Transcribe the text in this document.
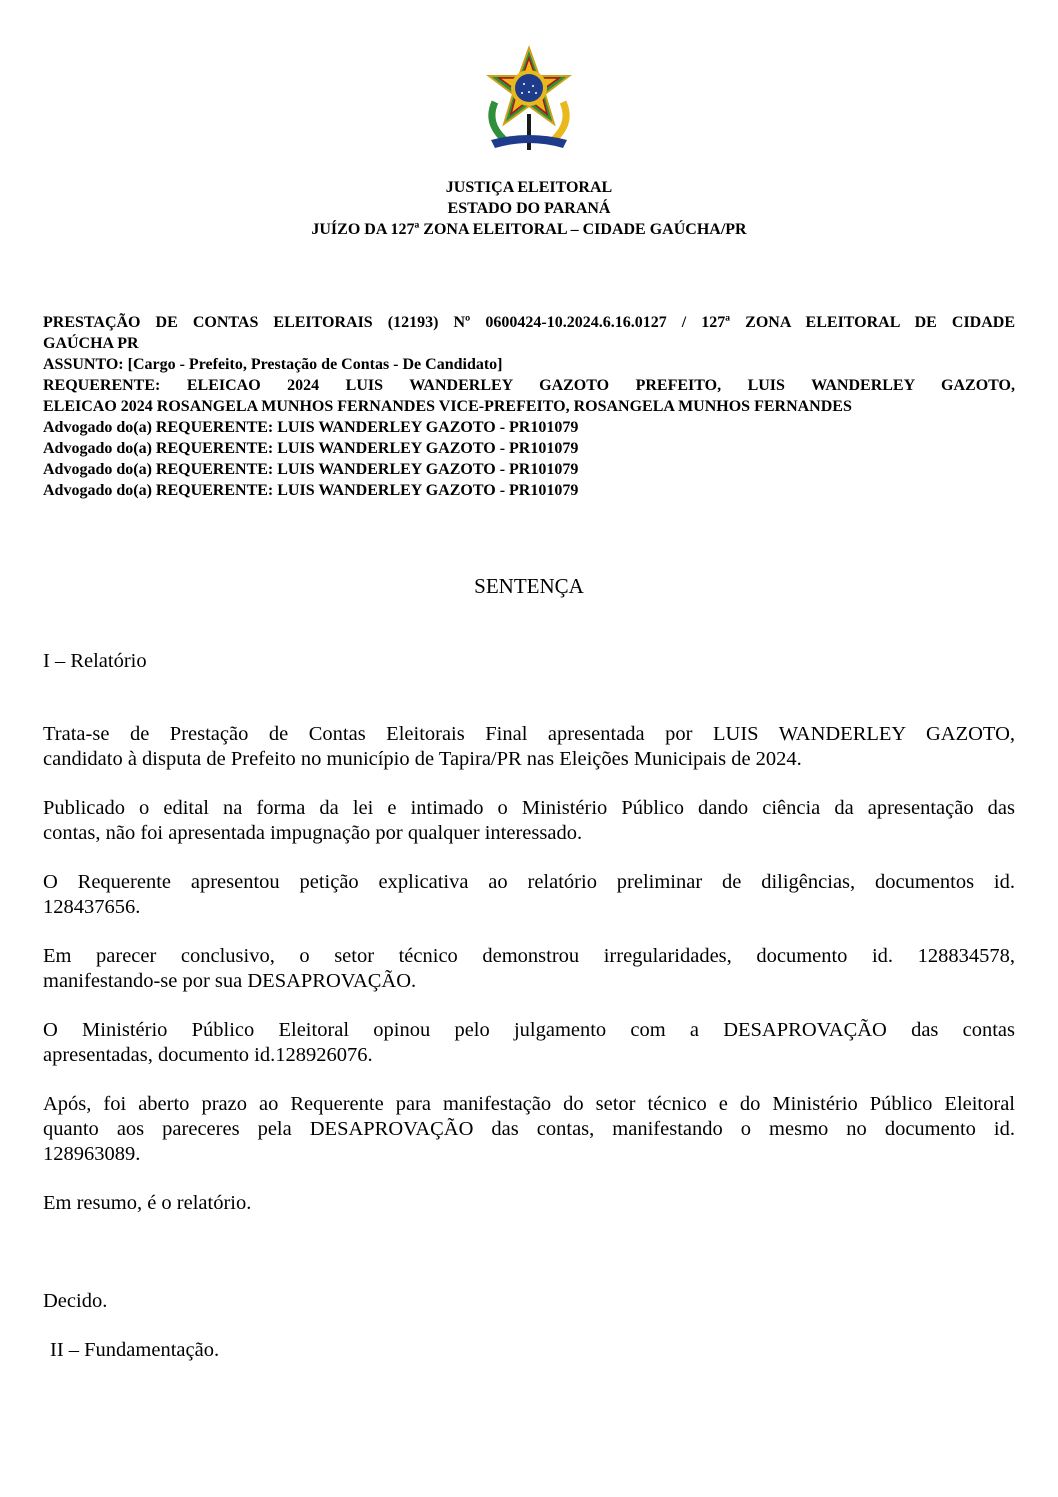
JUSTIÇA ELEITORAL
ESTADO DO PARANÁ
JUÍZO DA 127ª ZONA ELEITORAL – CIDADE GAÚCHA/PR
PRESTAÇÃO DE CONTAS ELEITORAIS (12193) Nº 0600424-10.2024.6.16.0127 / 127ª ZONA ELEITORAL DE CIDADE
GAÚCHA PR
ASSUNTO: [Cargo - Prefeito, Prestação de Contas - De Candidato]
REQUERENTE: ELEICAO 2024 LUIS WANDERLEY GAZOTO PREFEITO, LUIS WANDERLEY GAZOTO,
ELEICAO 2024 ROSANGELA MUNHOS FERNANDES VICE-PREFEITO, ROSANGELA MUNHOS FERNANDES
Advogado do(a) REQUERENTE: LUIS WANDERLEY GAZOTO - PR101079
Advogado do(a) REQUERENTE: LUIS WANDERLEY GAZOTO - PR101079
Advogado do(a) REQUERENTE: LUIS WANDERLEY GAZOTO - PR101079
Advogado do(a) REQUERENTE: LUIS WANDERLEY GAZOTO - PR101079
SENTENÇA

I – Relatório

Trata-se de Prestação de Contas Eleitorais Final apresentada por LUIS WANDERLEY GAZOTO,

candidato à disputa de Prefeito no município de Tapira/PR nas Eleições Municipais de 2024.

Publicado o edital na forma da lei e intimado o Ministério Público dando ciência da apresentação das

contas, não foi apresentada impugnação por qualquer interessado.

O Requerente apresentou petição explicativa ao relatório preliminar de diligências, documentos id.

128437656.

Em parecer conclusivo, o setor técnico demonstrou irregularidades, documento id. 128834578,

manifestando-se por sua DESAPROVAÇÃO.

O Ministério Público Eleitoral opinou pelo julgamento com a DESAPROVAÇÃO das contas

apresentadas, documento id.128926076.

Após, foi aberto prazo ao Requerente para manifestação do setor técnico e do Ministério Público Eleitoral

quanto aos pareceres pela DESAPROVAÇÃO das contas, manifestando o mesmo no documento id.

128963089.

Em resumo, é o relatório.

Decido.

II – Fundamentação.
